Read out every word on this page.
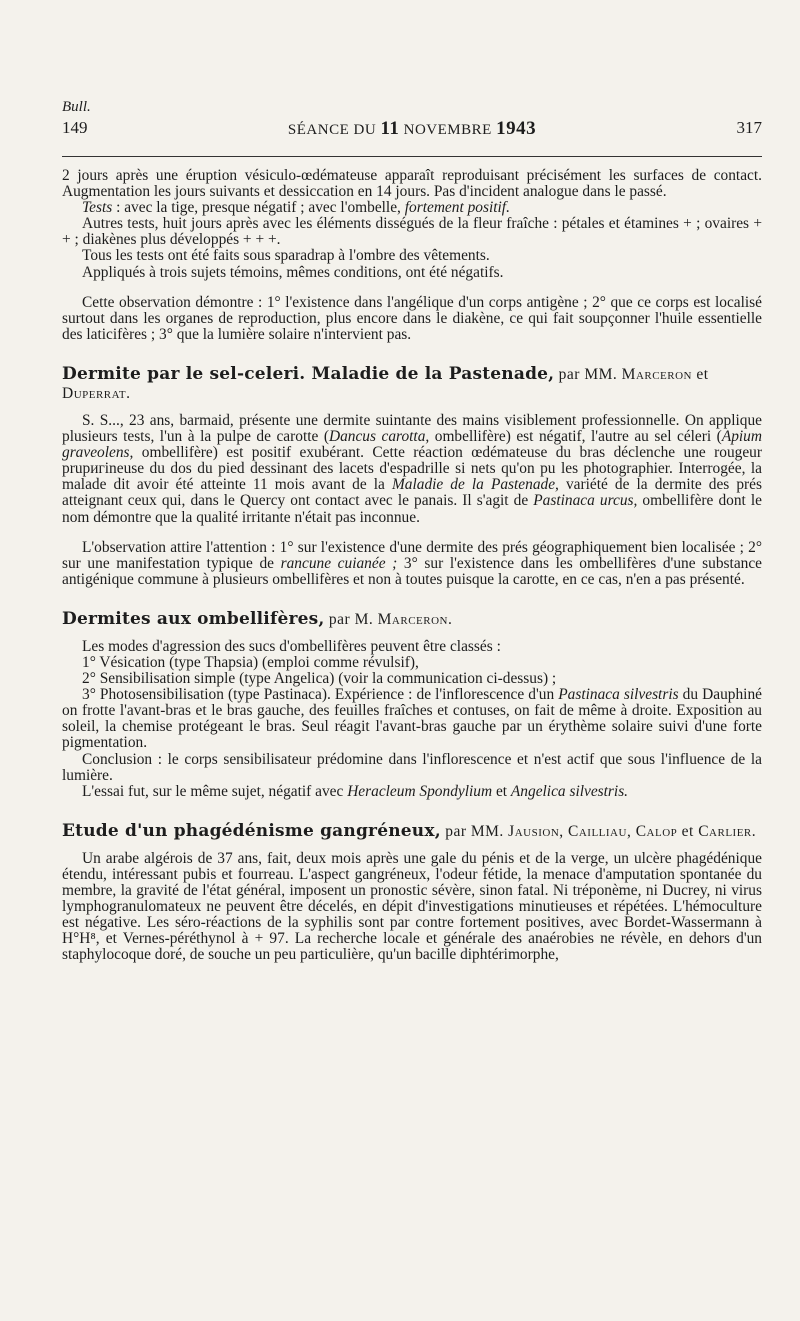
Bull.
149	SÉANCE DU 11 NOVEMBRE 1943	317

2 jours après une éruption vésiculo-œdémateuse apparaît reproduisant précisément les surfaces de contact. Augmentation les jours suivants et dessiccation en 14 jours. Pas d'incident analogue dans le passé.

Tests : avec la tige, presque négatif ; avec l'ombelle, fortement positif.

Autres tests, huit jours après avec les éléments disségués de la fleur fraîche : pétales et étamines + ; ovaires + + ; diakènes plus développés + + +.

Tous les tests ont été faits sous sparadrap à l'ombre des vêtements.

Appliqués à trois sujets témoins, mêmes conditions, ont été négatifs.

Cette observation démontre : 1° l'existence dans l'angélique d'un corps antigène ; 2° que ce corps est localisé surtout dans les organes de reproduction, plus encore dans le diakène, ce qui fait soupçonner l'huile essentielle des laticifères ; 3° que la lumière solaire n'intervient pas.

Dermite par le sel-celeri. Maladie de la Pastenade, par MM. Marceron et Duperrat.

S. S..., 23 ans, barmaid, présente une dermite suintante des mains visiblement professionnelle. On applique plusieurs tests, l'un à la pulpe de carotte (Dancus carotta, ombellifère) est négatif, l'autre au sel céleri (Apium graveolens, ombellifère) est positif exubérant. Cette réaction œdémateuse du bras déclenche une rougeur pruригineuse du dos du pied dessinant des lacets d'espadrille si nets qu'on pu les photographier. Interrogée, la malade dit avoir été atteinte 11 mois avant de la Maladie de la Pastenade, variété de la dermite des prés atteignant ceux qui, dans le Quercy ont contact avec le panais. Il s'agit de Pastinaca urcus, ombellifère dont le nom démontre que la qualité irritante n'était pas inconnue.

L'observation attire l'attention : 1° sur l'existence d'une dermite des prés géographiquement bien localisée ; 2° sur une manifestation typique de rancune cuianée ; 3° sur l'existence dans les ombellifères d'une substance antigénique commune à plusieurs ombellifères et non à toutes puisque la carotte, en ce cas, n'en a pas présenté.

Dermites aux ombellifères, par M. Marceron.

Les modes d'agression des sucs d'ombellifères peuvent être classés :

1° Vésication (type Thapsia) (emploi comme révulsif),

2° Sensibilisation simple (type Angelica) (voir la communication ci-dessus) ;

3° Photosensibilisation (type Pastinaca). Expérience : de l'inflorescence d'un Pastinaca silvestris du Dauphiné on frotte l'avant-bras et le bras gauche, des feuilles fraîches et contuses, on fait de même à droite. Exposition au soleil, la chemise protégeant le bras. Seul réagit l'avant-bras gauche par un érythème solaire suivi d'une forte pigmentation.

Conclusion : le corps sensibilisateur prédomine dans l'inflorescence et n'est actif que sous l'influence de la lumière.

L'essai fut, sur le même sujet, négatif avec Heracleum Spondylium et Angelica silvestris.

Etude d'un phagédénisme gangréneux, par MM. Jausion, Cailliau, Calop et Carlier.

Un arabe algérois de 37 ans, fait, deux mois après une gale du pénis et de la verge, un ulcère phagédénique étendu, intéressant pubis et fourreau. L'aspect gangréneux, l'odeur fétide, la menace d'amputation spontanée du membre, la gravité de l'état général, imposent un pronostic sévère, sinon fatal. Ni tréponème, ni Ducrey, ni virus lymphogranulomateux ne peuvent être décelés, en dépit d'investigations minutieuses et répétées. L'hémoculture est négative. Les séro-réactions de la syphilis sont par contre fortement positives, avec Bordet-Wassermann à H°H⁸, et Vernes-péréthynol à + 97. La recherche locale et générale des anaérobies ne révèle, en dehors d'un staphylocoque doré, de souche un peu particulière, qu'un bacille diphtérimorphe,
